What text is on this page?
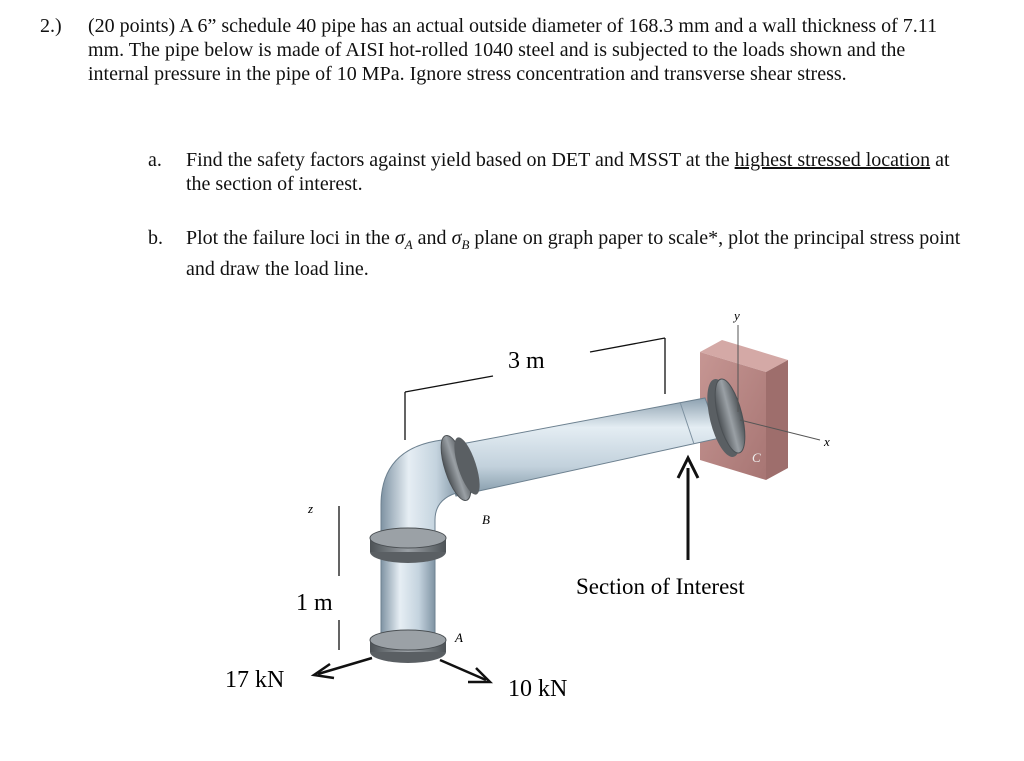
2.) (20 points) A 6” schedule 40 pipe has an actual outside diameter of 168.3 mm and a wall thickness of 7.11 mm. The pipe below is made of AISI hot-rolled 1040 steel and is subjected to the loads shown and the internal pressure in the pipe of 10 MPa. Ignore stress concentration and transverse shear stress.
a. Find the safety factors against yield based on DET and MSST at the highest stressed location at the section of interest.
b. Plot the failure loci in the $\sigma_A$ and $\sigma_B$ plane on graph paper to scale*, plot the principal stress point and draw the load line.
3 m
1 m
17 kN	10 kN
Section of Interest
A
B
C
x
y
z
